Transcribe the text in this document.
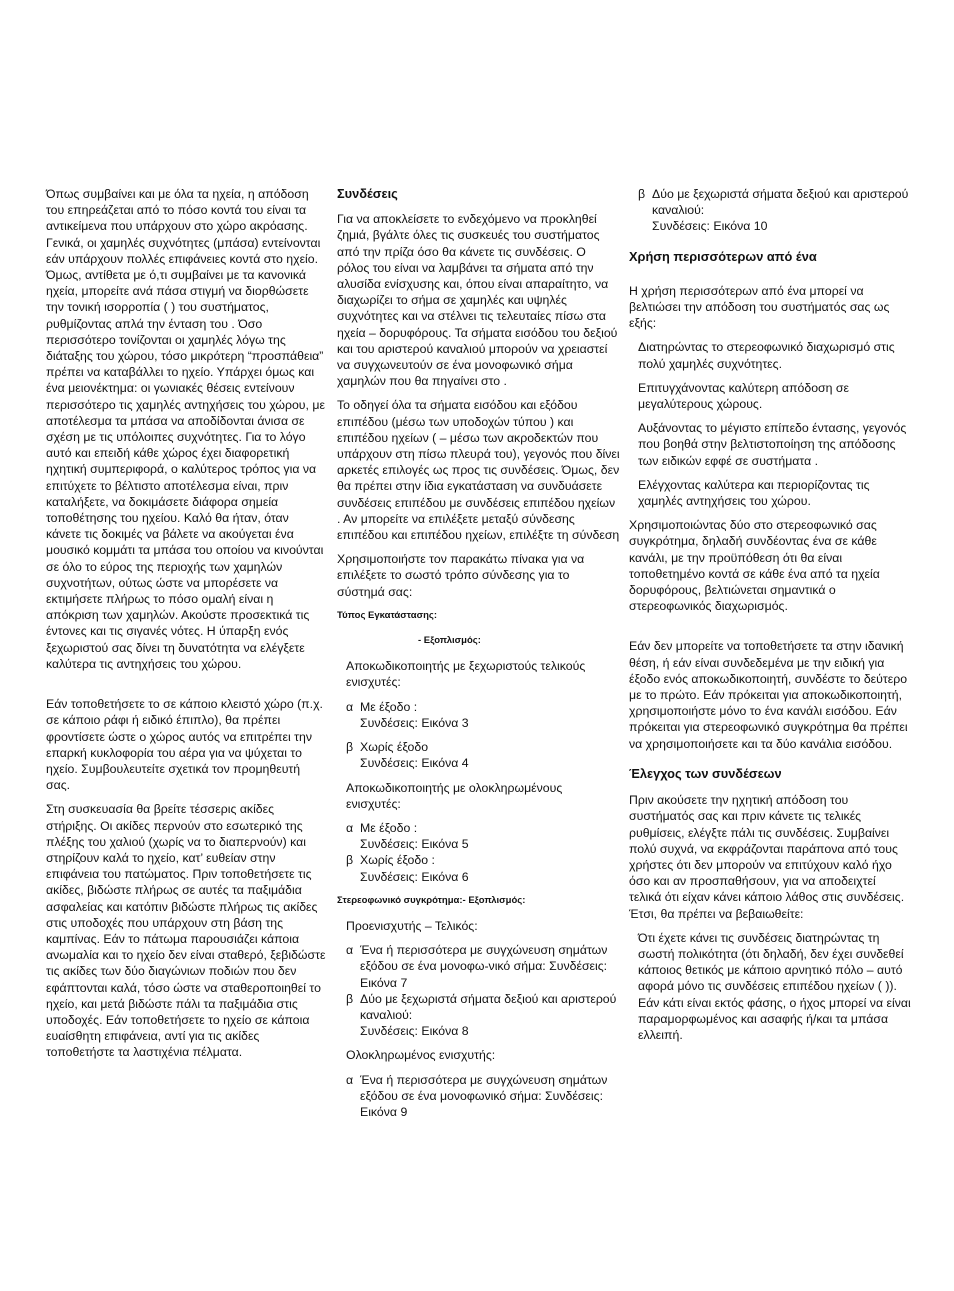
Όπως συμβαίνει και με όλα τα ηχεία, η απόδοση του επηρεάζεται από το πόσο κοντά του είναι τα αντικείμενα που υπάρχουν στο χώρο ακρόασης. Γενικά, οι χαμηλές συχνότητες (μπάσα) εντείνονται εάν υπάρχουν πολλές επιφάνειες κοντά στο ηχείο. Όμως, αντίθετα με ό,τι συμβαίνει με τα κανονικά ηχεία, μπορείτε ανά πάσα στιγμή να διορθώσετε την τονική ισορροπία ( ) του συστήματος, ρυθμίζοντας απλά την ένταση του . Όσο περισσότερο τονίζονται οι χαμηλές λόγω της διάταξης του χώρου, τόσο μικρότερη “προσπάθεια” πρέπει να καταβάλλει το ηχείο. Υπάρχει όμως και ένα μειονέκτημα: οι γωνιακές θέσεις εντείνουν περισσότερο τις χαμηλές αντηχήσεις του χώρου, με αποτέλεσμα τα μπάσα να αποδίδονται άνισα σε σχέση με τις υπόλοιπες συχνότητες. Για το λόγο αυτό και επειδή κάθε χώρος έχει διαφορετική ηχητική συμπεριφορά, ο καλύτερος τρόπος για να επιτύχετε το βέλτιστο αποτέλεσμα είναι, πριν καταλήξετε, να δοκιμάσετε διάφορα σημεία τοποθέτησης του ηχείου. Καλό θα ήταν, όταν κάνετε τις δοκιμές να βάλετε να ακούγεται ένα μουσικό κομμάτι τα μπάσα του οποίου να κινούνται σε όλο το εύρος της περιοχής των χαμηλών συχνοτήτων, ούτως ώστε να μπορέσετε να εκτιμήσετε πλήρως το πόσο ομαλή είναι η απόκριση των χαμηλών. Ακούστε προσεκτικά τις έντονες και τις σιγανές νότες. Η ύπαρξη ενός ξεχωριστού σας δίνει τη δυνατότητα να ελέγξετε καλύτερα τις αντηχήσεις του χώρου.

Εάν τοποθετήσετε το σε κάποιο κλειστό χώρο (π.χ. σε κάποιο ράφι ή ειδικό έπιπλο), θα πρέπει φροντίσετε ώστε ο χώρος αυτός να επιτρέπει την επαρκή κυκλοφορία του αέρα για να ψύχεται το ηχείο. Συμβουλευτείτε σχετικά τον προμηθευτή σας.

Στη συσκευασία θα βρείτε τέσσερις ακίδες στήριξης. Οι ακίδες περνούν στο εσωτερικό της πλέξης του χαλιού (χωρίς να το διαπερνούν) και στηρίζουν καλά το ηχείο, κατ’ ευθείαν στην επιφάνεια του πατώματος. Πριν τοποθετήσετε τις ακίδες, βιδώστε πλήρως σε αυτές τα παξιμάδια ασφαλείας και κατόπιν βιδώστε πλήρως τις ακίδες στις υποδοχές που υπάρχουν στη βάση της καμπίνας. Εάν το πάτωμα παρουσιάζει κάποια ανωμαλία και το ηχείο δεν είναι σταθερό, ξεβιδώστε τις ακίδες των δύο διαγώνιων ποδιών που δεν εφάπτονται καλά, τόσο ώστε να σταθεροποιηθεί το ηχείο, και μετά βιδώστε πάλι τα παξιμάδια στις υποδοχές. Εάν τοποθετήσετε το ηχείο σε κάποια ευαίσθητη επιφάνεια, αντί για τις ακίδες τοποθετήστε τα λαστιχένια πέλματα.

Συνδέσεις

Για να αποκλείσετε το ενδεχόμενο να προκληθεί ζημιά, βγάλτε όλες τις συσκευές του συστήματος από την πρίζα όσο θα κάνετε τις συνδέσεις. Ο ρόλος του είναι να λαμβάνει τα σήματα από την αλυσίδα ενίσχυσης και, όπου είναι απαραίτητο, να διαχωρίζει το σήμα σε χαμηλές και υψηλές συχνότητες και να στέλνει τις τελευταίες πίσω στα ηχεία – δορυφόρους. Τα σήματα εισόδου του δεξιού και του αριστερού καναλιού μπορούν να χρειαστεί να συγχωνευτούν σε ένα μονοφωνικό σήμα χαμηλών που θα πηγαίνει στο .

Το οδηγεί όλα τα σήματα εισόδου και εξόδου επιπέδου (μέσω των υποδοχών τύπου ) και επιπέδου ηχείων ( – μέσω των ακροδεκτών που υπάρχουν στη πίσω πλευρά του), γεγονός που δίνει αρκετές επιλογές ως προς τις συνδέσεις. Όμως, δεν θα πρέπει στην ίδια εγκατάσταση να συνδυάσετε συνδέσεις επιπέδου με συνδέσεις επιπέδου ηχείων . Αν μπορείτε να επιλέξετε μεταξύ σύνδεσης επιπέδου και επιπέδου ηχείων, επιλέξτε τη σύνδεση

Χρησιμοποιήστε τον παρακάτω πίνακα για να επιλέξετε το σωστό τρόπο σύνδεσης για το σύστημά σας:

Τύπος Εγκατάστασης:
- Εξοπλισμός:

Αποκωδικοποιητής με ξεχωριστούς τελικούς ενισχυτές:

α Με έξοδο :
Συνδέσεις: Εικόνα 3
β Χωρίς έξοδο
Συνδέσεις: Εικόνα 4

Αποκωδικοποιητής με ολοκληρωμένους ενισχυτές:

α Με έξοδο :
Συνδέσεις: Εικόνα 5
β Χωρίς έξοδο :
Συνδέσεις: Εικόνα 6
Στερεοφωνικό συγκρότημα:- Εξοπλισμός:

Προενισχυτής – Τελικός:

α Ένα ή περισσότερα με συγχώνευση σημάτων εξόδου σε ένα μονοφω-νικό σήμα: Συνδέσεις: Εικόνα 7
β Δύο με ξεχωριστά σήματα δεξιού και αριστερού καναλιού:
Συνδέσεις: Εικόνα 8

Ολοκληρωμένος ενισχυτής:

α Ένα ή περισσότερα με συγχώνευση σημάτων εξόδου σε ένα μονοφωνικό σήμα: Συνδέσεις: Εικόνα 9
β Δύο με ξεχωριστά σήματα δεξιού και αριστερού καναλιού:
Συνδέσεις: Εικόνα 10
Χρήση περισσότερων από ένα

Η χρήση περισσότερων από ένα μπορεί να βελτιώσει την απόδοση του συστήματός σας ως εξής:

Διατηρώντας το στερεοφωνικό διαχωρισμό στις πολύ χαμηλές συχνότητες.

Επιτυγχάνοντας καλύτερη απόδοση σε μεγαλύτερους χώρους.

Αυξάνοντας το μέγιστο επίπεδο έντασης, γεγονός που βοηθά στην βελτιστοποίηση της απόδοσης των ειδικών εφφέ σε συστήματα .

Ελέγχοντας καλύτερα και περιορίζοντας τις χαμηλές αντηχήσεις του χώρου.

Χρησιμοποιώντας δύο στο στερεοφωνικό σας συγκρότημα, δηλαδή συνδέοντας ένα σε κάθε κανάλι, με την προϋπόθεση ότι θα είναι τοποθετημένο κοντά σε κάθε ένα από τα ηχεία δορυφόρους, βελτιώνεται σημαντικά ο στερεοφωνικός διαχωρισμός.

Εάν δεν μπορείτε να τοποθετήσετε τα στην ιδανική θέση, ή εάν είναι συνδεδεμένα με την ειδική για έξοδο ενός αποκωδικοποιητή, συνδέστε το δεύτερο με το πρώτο. Εάν πρόκειται για αποκωδικοποιητή, χρησιμοποιήστε μόνο το ένα κανάλι εισόδου. Εάν πρόκειται για στερεοφωνικό συγκρότημα θα πρέπει να χρησιμοποιήσετε και τα δύο κανάλια εισόδου.

Έλεγχος των συνδέσεων

Πριν ακούσετε την ηχητική απόδοση του συστήματός σας και πριν κάνετε τις τελικές ρυθμίσεις, ελέγξτε πάλι τις συνδέσεις. Συμβαίνει πολύ συχνά, να εκφράζονται παράπονα από τους χρήστες ότι δεν μπορούν να επιτύχουν καλό ήχο όσο και αν προσπαθήσουν, για να αποδειχτεί τελικά ότι είχαν κάνει κάποιο λάθος στις συνδέσεις. Έτσι, θα πρέπει να βεβαιωθείτε:

Ότι έχετε κάνει τις συνδέσεις διατηρώντας τη σωστή πολικότητα (ότι δηλαδή, δεν έχει συνδεθεί κάποιος θετικός με κάποιο αρνητικό πόλο – αυτό αφορά μόνο τις συνδέσεις επιπέδου ηχείων ( )). Εάν κάτι είναι εκτός φάσης, ο ήχος μπορεί να είναι παραμορφωμένος και ασαφής ή/και τα μπάσα ελλειπή.
